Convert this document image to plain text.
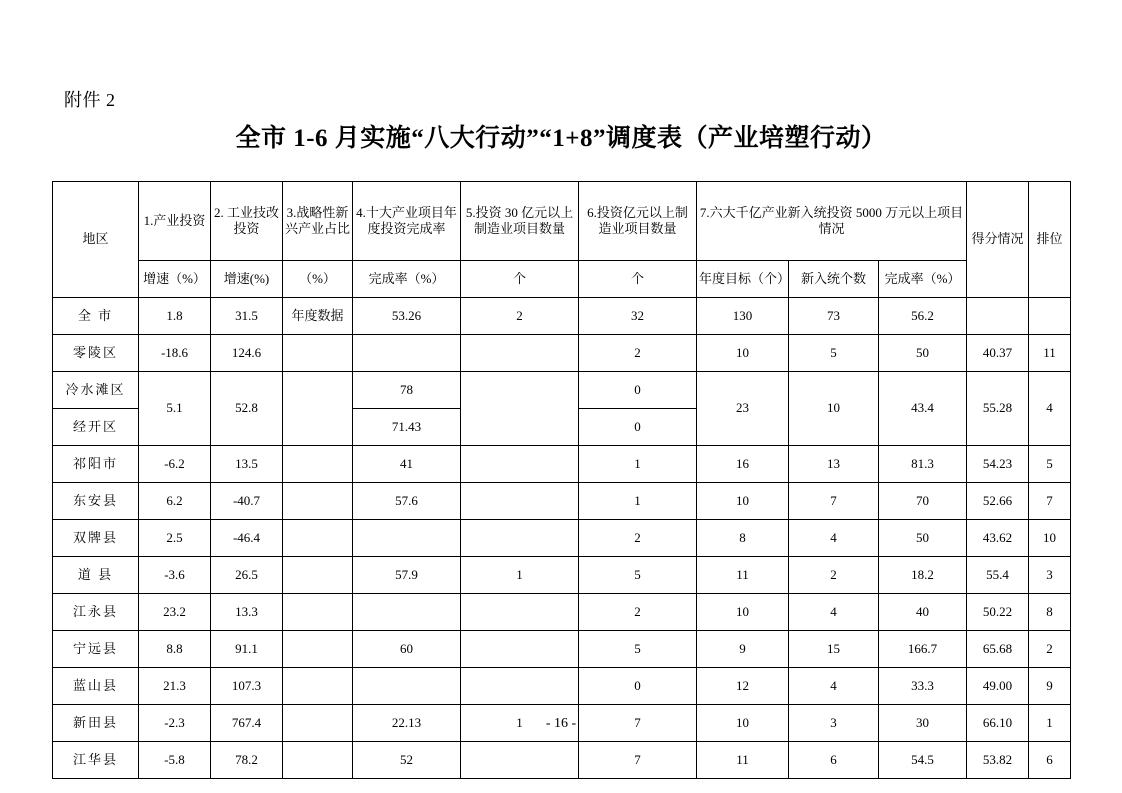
附件 2
全市 1-6 月实施“八大行动”“1+8”调度表（产业培塑行动）
地区	1.产业投资	2. 工业技改投资	3.战略性新兴产业占比	4.十大产业项目年度投资完成率	5.投资 30 亿元以上制造业项目数量	6.投资亿元以上制造业项目数量	7.六大千亿产业新入统投资 5000 万元以上项目情况			得分情况	排位
	增速（%）	增速(%)	（%）	完成率（%）	个	个	年度目标（个）	新入统个数	完成率（%）		
全 市	1.8	31.5	年度数据	53.26	2	32	130	73	56.2		
零陵区	-18.6	124.6				2	10	5	50	40.37	11
冷水滩区	5.1	52.8		78		0	23	10	43.4	55.28	4
经开区				71.43		0					
祁阳市	-6.2	13.5		41		1	16	13	81.3	54.23	5
东安县	6.2	-40.7		57.6		1	10	7	70	52.66	7
双牌县	2.5	-46.4				2	8	4	50	43.62	10
道 县	-3.6	26.5		57.9	1	5	11	2	18.2	55.4	3
江永县	23.2	13.3				2	10	4	40	50.22	8
宁远县	8.8	91.1		60		5	9	15	166.7	65.68	2
蓝山县	21.3	107.3				0	12	4	33.3	49.00	9
新田县	-2.3	767.4		22.13	1	7	10	3	30	66.10	1
江华县	-5.8	78.2		52		7	11	6	54.5	53.82	6
- 16 -
